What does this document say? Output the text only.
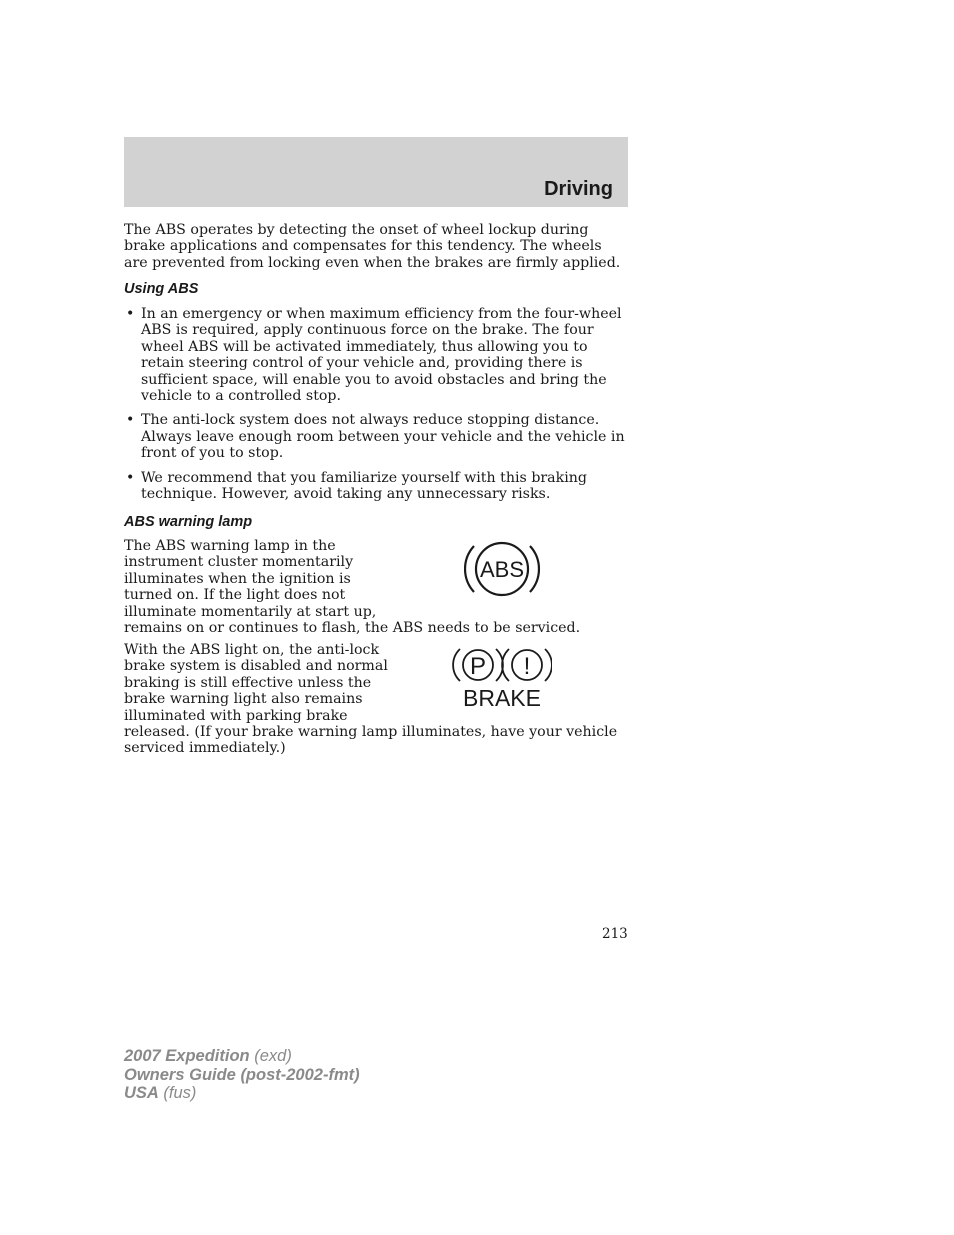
Driving
The ABS operates by detecting the onset of wheel lockup during brake applications and compensates for this tendency. The wheels are prevented from locking even when the brakes are firmly applied.
Using ABS
• In an emergency or when maximum efficiency from the four-wheel ABS is required, apply continuous force on the brake. The four wheel ABS will be activated immediately, thus allowing you to retain steering control of your vehicle and, providing there is sufficient space, will enable you to avoid obstacles and bring the vehicle to a controlled stop.
• The anti-lock system does not always reduce stopping distance. Always leave enough room between your vehicle and the vehicle in front of you to stop.
• We recommend that you familiarize yourself with this braking technique. However, avoid taking any unnecessary risks.
ABS warning lamp
The ABS warning lamp in the
instrument cluster momentarily
illuminates when the ignition is
turned on. If the light does not
illuminate momentarily at start up,
remains on or continues to flash, the ABS needs to be serviced.
ABS
With the ABS light on, the anti-lock
brake system is disabled and normal
braking is still effective unless the
brake warning light also remains
illuminated with parking brake
released. (If your brake warning lamp illuminates, have your vehicle
serviced immediately.)
P !
BRAKE
213
2007 Expedition (exd)
Owners Guide (post-2002-fmt)
USA (fus)
